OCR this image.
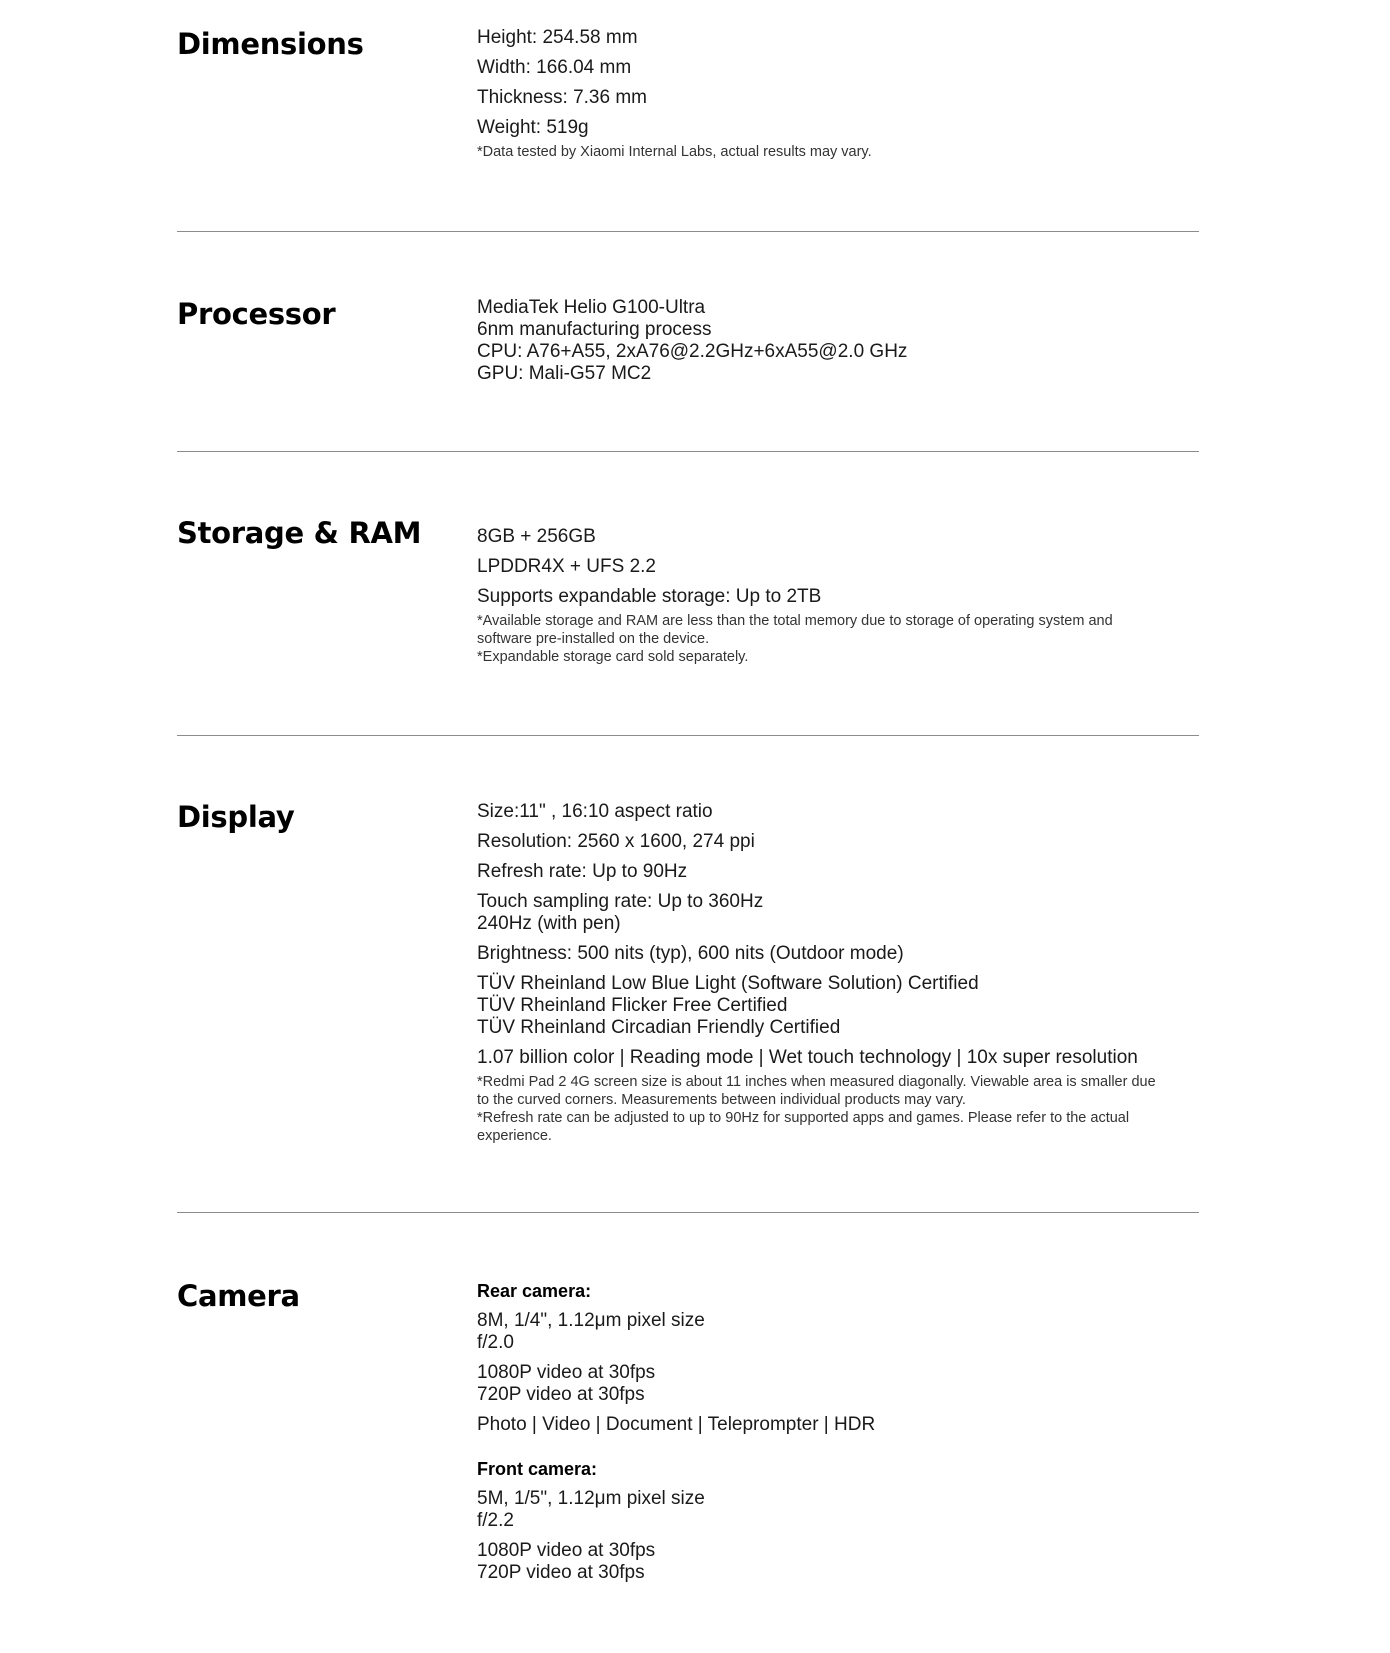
Dimensions	Height: 254.58 mm
Width: 166.04 mm
Thickness: 7.36 mm
Weight: 519g
*Data tested by Xiaomi Internal Labs, actual results may vary.
Processor	MediaTek Helio G100-Ultra
6nm manufacturing process
CPU: A76+A55, 2xA76@2.2GHz+6xA55@2.0 GHz
GPU: Mali-G57 MC2
Storage & RAM	8GB + 256GB
LPDDR4X + UFS 2.2
Supports expandable storage: Up to 2TB
*Available storage and RAM are less than the total memory due to storage of operating system and software pre-installed on the device.
*Expandable storage card sold separately.
Display	Size:11" , 16:10 aspect ratio
Resolution: 2560 x 1600, 274 ppi
Refresh rate: Up to 90Hz
Touch sampling rate: Up to 360Hz
240Hz (with pen)
Brightness: 500 nits (typ), 600 nits (Outdoor mode)
TÜV Rheinland Low Blue Light (Software Solution) Certified
TÜV Rheinland Flicker Free Certified
TÜV Rheinland Circadian Friendly Certified
1.07 billion color | Reading mode | Wet touch technology | 10x super resolution
*Redmi Pad 2 4G screen size is about 11 inches when measured diagonally. Viewable area is smaller due to the curved corners. Measurements between individual products may vary.
*Refresh rate can be adjusted to up to 90Hz for supported apps and games. Please refer to the actual experience.
Camera	Rear camera:
8M, 1/4", 1.12μm pixel size
f/2.0
1080P video at 30fps
720P video at 30fps
Photo | Video | Document | Teleprompter | HDR
Front camera:
5M, 1/5", 1.12μm pixel size
f/2.2
1080P video at 30fps
720P video at 30fps
